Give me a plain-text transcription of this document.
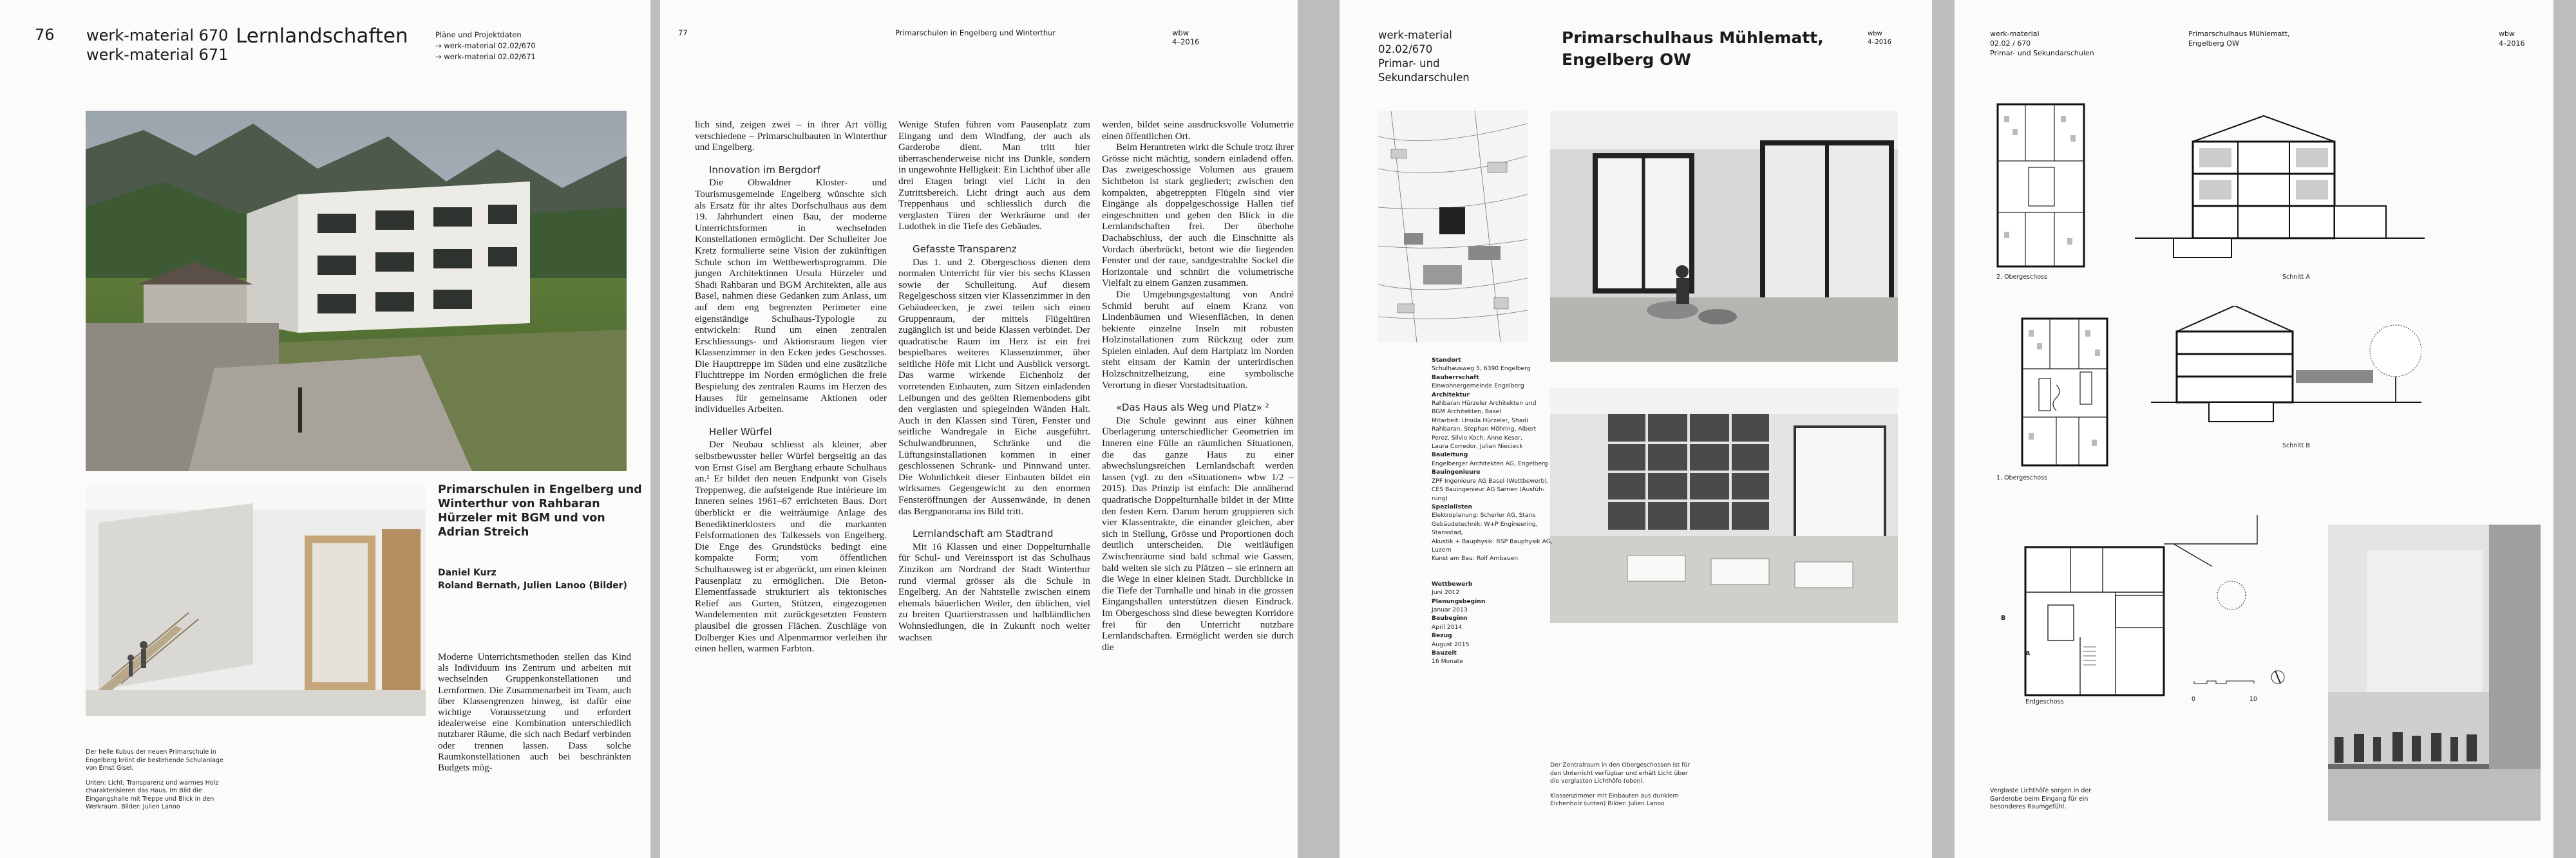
76 werk-material 670
werk-material 671
Lernlandschaften	Pläne und Projektdaten
→ werk-material 02.02/670
→ werk-material 02.02/671
Primarschulen in Engelberg und Winterthur von Rahbaran Hürzeler mit BGM und von Adrian Streich
Daniel Kurz
Roland Bernath, Julien Lanoo (Bilder)

Moderne Unterrichtsmethoden stellen das Kind als Individuum ins Zentrum und arbeiten mit wechselnden Gruppenkonstellationen und Lernformen. Die Zusammenarbeit im Team, auch über Klassengrenzen hinweg, ist dafür eine wichtige Voraussetzung und erfordert idealerweise eine Kombination unterschiedlich nutzbarer Räume, die sich nach Bedarf verbinden oder trennen lassen. Dass solche Raumkonstellationen auch bei beschränkten Budgets mög-

Der helle Kubus der neuen Primarschule in Engelberg krönt die bestehende Schulanlage von Ernst Gisel.

Unten: Licht, Transparenz und warmes Holz charakterisieren das Haus. Im Bild die Eingangshalle mit Treppe und Blick in den Werkraum. Bilder: Julien Lanoo

77	Primarschulen in Engelberg und Winterthur	wbw
4–2016

lich sind, zeigen zwei – in ihrer Art völlig verschiedene – Primarschulbauten in Winterthur und Engelberg.

Innovation im Bergdorf

Die Obwaldner Kloster- und Tourismusgemeinde Engelberg wünschte sich als Ersatz für ihr altes Dorfschulhaus aus dem 19. Jahrhundert einen Bau, der moderne Unterrichtsformen in wechselnden Konstellationen ermöglicht. Der Schulleiter Joe Kretz formulierte seine Vision der zukünftigen Schule schon im Wettbewerbsprogramm. Die jungen Architektinnen Ursula Hürzeler und Shadi Rahbaran und BGM Architekten, alle aus Basel, nahmen diese Gedanken zum Anlass, um auf dem eng begrenzten Perimeter eine eigenständige Schulhaus-Typologie zu entwickeln: Rund um einen zentralen Erschliessungs- und Aktionsraum liegen vier Klassenzimmer in den Ecken jedes Geschosses. Die Haupttreppe im Süden und eine zusätzliche Fluchttreppe im Norden ermöglichen die freie Bespielung des zentralen Raums im Herzen des Hauses für gemeinsame Aktionen oder individuelles Arbeiten.

Heller Würfel

Der Neubau schliesst als kleiner, aber selbstbewusster heller Würfel bergseitig an das von Ernst Gisel am Berghang erbaute Schulhaus an.¹ Er bildet den neuen Endpunkt von Gisels Treppenweg, die aufsteigende Rue intérieure im Inneren seines 1961–67 errichteten Baus. Dort überblickt er die weiträumige Anlage des Benediktinerklosters und die markanten Felsformationen des Talkessels von Engelberg. Die Enge des Grundstücks bedingt eine kompakte Form; vom öffentlichen Schulhausweg ist er abgerückt, um einen kleinen Pausenplatz zu ermöglichen. Die Beton-Elementfassade strukturiert als tektonisches Relief aus Gurten, Stützen, eingezogenen Wandelementen mit zurückgesetzten Fenstern plausibel die grossen Flächen. Zuschläge von Dolberger Kies und Alpenmarmor verleihen ihr einen hellen, warmen Farbton.

Wenige Stufen führen vom Pausenplatz zum Eingang und dem Windfang, der auch als Garderobe dient. Man tritt hier überraschenderweise nicht ins Dunkle, sondern in ungewohnte Helligkeit: Ein Lichthof über alle drei Etagen bringt viel Licht in den Zutrittsbereich. Licht dringt auch aus dem Treppenhaus und schliesslich durch die verglasten Türen der Werkräume und der Ludothek in die Tiefe des Gebäudes.

Gefasste Transparenz

Das 1. und 2. Obergeschoss dienen dem normalen Unterricht für vier bis sechs Klassen sowie der Schulleitung. Auf diesem Regelgeschoss sitzen vier Klassenzimmer in den Gebäudeecken, je zwei teilen sich einen Gruppenraum, der mittels Flügeltüren zugänglich ist und beide Klassen verbindet. Der quadratische Raum im Herz ist ein frei bespielbares weiteres Klassenzimmer, über seitliche Höfe mit Licht und Ausblick versorgt. Das warme wirkende Eichenholz der vorretenden Einbauten, zum Sitzen einladenden Leibungen und des geölten Riemenbodens gibt den verglasten und spiegelnden Wänden Halt. Auch in den Klassen sind Türen, Fenster und seitliche Wandregale in Eiche ausgeführt. Schulwandbrunnen, Schränke und die Lüftungsinstallationen kommen in einer geschlossenen Schrank- und Pinnwand unter. Die Wohnlichkeit dieser Einbauten bildet ein wirksames Gegengewicht zu den enormen Fensteröffnungen der Aussenwände, in denen das Bergpanorama ins Bild tritt.

Lernlandschaft am Stadtrand

Mit 16 Klassen und einer Doppelturnhalle für Schul- und Vereinssport ist das Schulhaus Zinzikon am Nordrand der Stadt Winterthur rund viermal grösser als die Schule in Engelberg. An der Nahtstelle zwischen einem ehemals bäuerlichen Weiler, den üblichen, viel zu breiten Quartierstrassen und halbländlichen Wohnsiedlungen, die in Zukunft noch weiter wachsen

werden, bildet seine ausdrucksvolle Volumetrie einen öffentlichen Ort.

Beim Herantreten wirkt die Schule trotz ihrer Grösse nicht mächtig, sondern einladend offen. Das zweigeschossige Volumen aus grauem Sichtbeton ist stark gegliedert; zwischen den kompakten, abgetreppten Flügeln sind vier Eingänge als doppelgeschossige Hallen tief eingeschnitten und geben den Blick in die Lernlandschaften frei. Der überhohe Dachabschluss, der auch die Einschnitte als Vordach überbrückt, betont wie die liegenden Fenster und der raue, sandgestrahlte Sockel die Horizontale und schnürt die volumetrische Vielfalt zu einem Ganzen zusammen.

Die Umgebungsgestaltung von André Schmid beruht auf einem Kranz von Lindenbäumen und Wiesenflächen, in denen bekiente einzelne Inseln mit robusten Holzinstallationen zum Rückzug oder zum Spielen einladen. Auf dem Hartplatz im Norden steht einsam der Kamin der unterirdischen Holzschnitzelheizung, eine symbolische Verortung in dieser Vorstadtsituation.

«Das Haus als Weg und Platz» ²

Die Schule gewinnt aus einer kühnen Überlagerung unterschiedlicher Geometrien im Inneren eine Fülle an räumlichen Situationen, die das ganze Haus zu einer abwechslungsreichen Lernlandschaft werden lassen (vgl. zu den «Situationen» wbw 1/2 – 2015). Das Prinzip ist einfach: Die annähernd quadratische Doppelturnhalle bildet in der Mitte den festen Kern. Darum herum gruppieren sich vier Klassentrakte, die einander gleichen, aber sich in Stellung, Grösse und Proportionen doch deutlich unterscheiden. Die weitläufigen Zwischenräume sind bald schmal wie Gassen, bald weiten sie sich zu Plätzen – sie erinnern an die Wege in einer kleinen Stadt. Durchblicke in die Tiefe der Turnhalle und hinab in die grossen Eingangshallen unterstützen diesen Eindruck. Im Obergeschoss sind diese bewegten Korridore frei für den Unterricht nutzbare Lernlandschaften. Ermöglicht werden sie durch die

werk-material
02.02/670
Primar- und
Sekundarschulen
Primarschulhaus Mühlematt,
Engelberg OW
wbw
4–2016
Standort
Schulhausweg 5, 6390 Engelberg
Bauherrschaft
Einwohnergemeinde Engelberg
Architektur
Rahbaran Hürzeler Architekten und
BGM Architekten, Basel
Mitarbeit: Ursula Hürzeler, Shadi
Rahbaran, Stephan Möhring, Albert
Perez, Silvio Koch, Anne Keser,
Laura Corredor, Julian Niecieck
Bauleitung
Engelberger Architekten AG, Engelberg
Bauingenieure
ZPF Ingenieure AG Basel (Wettbewerb),
CES Bauingenieur AG Sarnen (Ausfüh-
rung)
Spezialisten
Elektroplanung: Scherler AG, Stans
Gebäudetechnik: W+P Engineering,
Stansstad,
Akustik + Bauphysik: RSP Bauphysik AG,
Luzern
Kunst am Bau: Rolf Ambauen
Wettbewerb
Juni 2012
Planungsbeginn
Januar 2013
Baubeginn
April 2014
Bezug
August 2015
Bauzeit
16 Monate

Der Zentralraum in den Obergeschossen ist für den Unterricht verfügbar und erhält Licht über die verglasten Lichthöfe (oben).

Klassenzimmer mit Einbauten aus dunklem Eichenholz (unten) Bilder: Julien Lanoo

werk-material
02.02 / 670
Primar- und Sekundarschulen
Primarschulhaus Mühlematt,
Engelberg OW
wbw
4–2016
2. Obergeschoss	Schnitt A
1. Obergeschoss
Schnitt B
A
B
Erdgeschoss	0	10
Verglaste Lichthöfe sorgen in der Garderobe beim Eingang für ein besonderes Raumgefühl.
